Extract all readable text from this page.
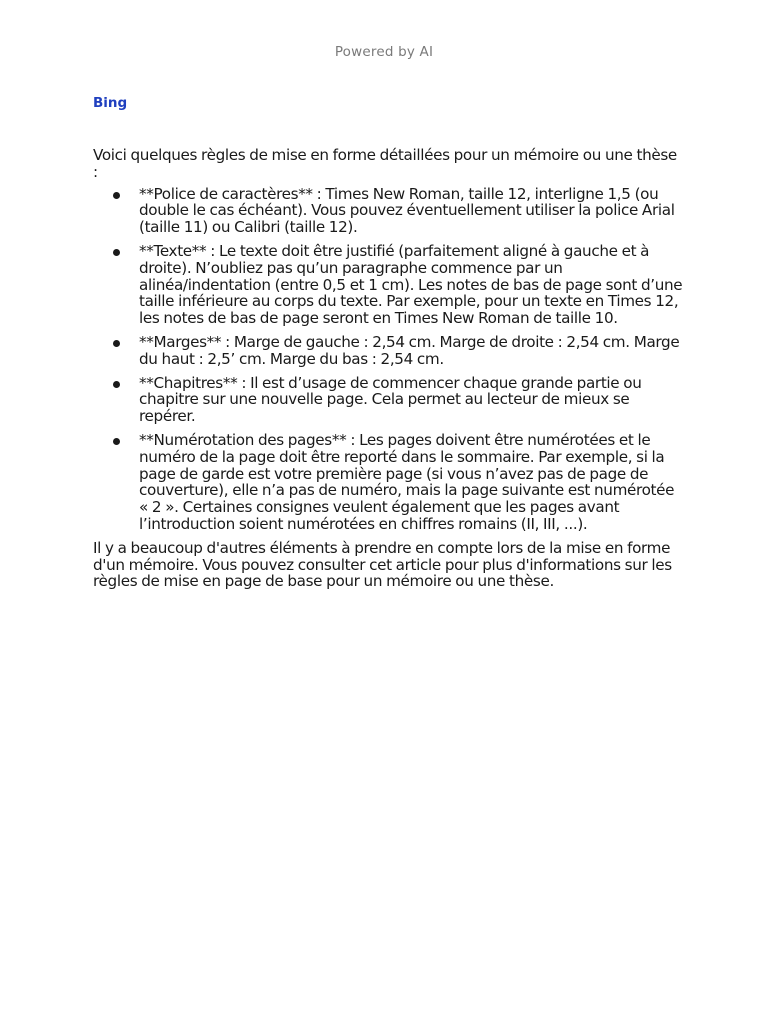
Powered by AI
Bing

Voici quelques règles de mise en forme détaillées pour un mémoire ou une thèse :

**Police de caractères** : Times New Roman, taille 12, interligne 1,5 (ou double le cas échéant). Vous pouvez éventuellement utiliser la police Arial (taille 11) ou Calibri (taille 12).
**Texte** : Le texte doit être justifié (parfaitement aligné à gauche et à droite). N’oubliez pas qu’un paragraphe commence par un alinéa/indentation (entre 0,5 et 1 cm). Les notes de bas de page sont d’une taille inférieure au corps du texte. Par exemple, pour un texte en Times 12, les notes de bas de page seront en Times New Roman de taille 10.
**Marges** : Marge de gauche : 2,54 cm. Marge de droite : 2,54 cm. Marge du haut : 2,5’ cm. Marge du bas : 2,54 cm.
**Chapitres** : Il est d’usage de commencer chaque grande partie ou chapitre sur une nouvelle page. Cela permet au lecteur de mieux se repérer.
**Numérotation des pages** : Les pages doivent être numérotées et le numéro de la page doit être reporté dans le sommaire. Par exemple, si la page de garde est votre première page (si vous n’avez pas de page de couverture), elle n’a pas de numéro, mais la page suivante est numérotée « 2 ». Certaines consignes veulent également que les pages avant l’introduction soient numérotées en chiffres romains (II, III, ...).

Il y a beaucoup d'autres éléments à prendre en compte lors de la mise en forme d'un mémoire. Vous pouvez consulter cet article pour plus d'informations sur les règles de mise en page de base pour un mémoire ou une thèse.
